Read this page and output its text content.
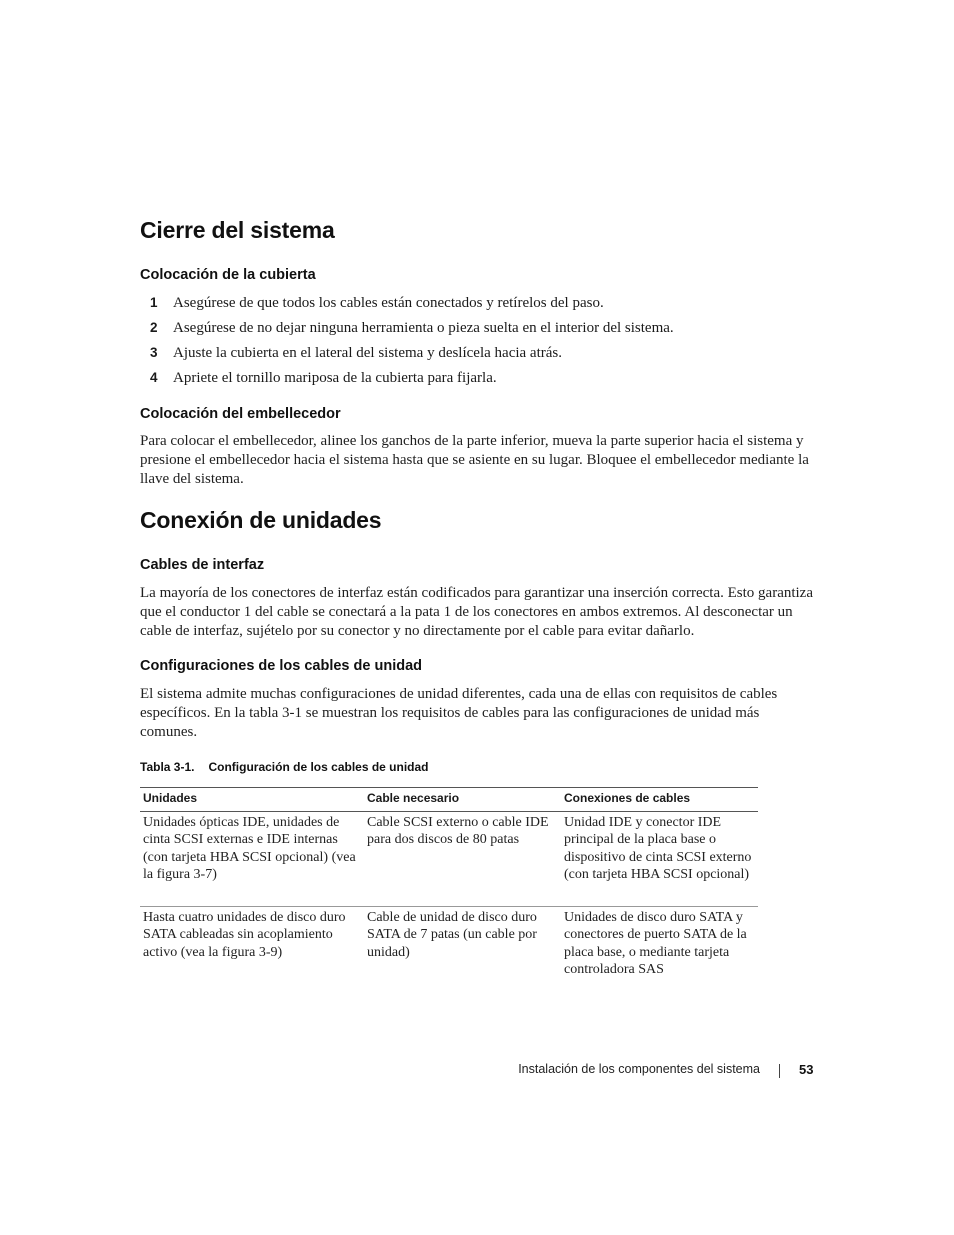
Cierre del sistema
Colocación de la cubierta
1	Asegúrese de que todos los cables están conectados y retírelos del paso.
2	Asegúrese de no dejar ninguna herramienta o pieza suelta en el interior del sistema.
3	Ajuste la cubierta en el lateral del sistema y deslícela hacia atrás.
4	Apriete el tornillo mariposa de la cubierta para fijarla.
Colocación del embellecedor

Para colocar el embellecedor, alinee los ganchos de la parte inferior, mueva la parte superior hacia el sistema y presione el embellecedor hacia el sistema hasta que se asiente en su lugar. Bloquee el embellecedor mediante la llave del sistema.

Conexión de unidades
Cables de interfaz

La mayoría de los conectores de interfaz están codificados para garantizar una inserción correcta. Esto garantiza que el conductor 1 del cable se conectará a la pata 1 de los conectores en ambos extremos. Al desconectar un cable de interfaz, sujételo por su conector y no directamente por el cable para evitar dañarlo.

Configuraciones de los cables de unidad

El sistema admite muchas configuraciones de unidad diferentes, cada una de ellas con requisitos de cables específicos. En la tabla 3-1 se muestran los requisitos de cables para las configuraciones de unidad más comunes.

Tabla 3-1. Configuración de los cables de unidad

Unidades	Cable necesario	Conexiones de cables
Unidades ópticas IDE, unidades de cinta SCSI externas e IDE internas (con tarjeta HBA SCSI opcional) (vea la figura 3-7)	Cable SCSI externo o cable IDE para dos discos de 80 patas	Unidad IDE y conector IDE principal de la placa base o dispositivo de cinta SCSI externo (con tarjeta HBA SCSI opcional)
Hasta cuatro unidades de disco duro SATA cableadas sin acoplamiento activo (vea la figura 3-9)	Cable de unidad de disco duro SATA de 7 patas (un cable por unidad)	Unidades de disco duro SATA y conectores de puerto SATA de la placa base, o mediante tarjeta controladora SAS
Instalación de los componentes del sistema	53
